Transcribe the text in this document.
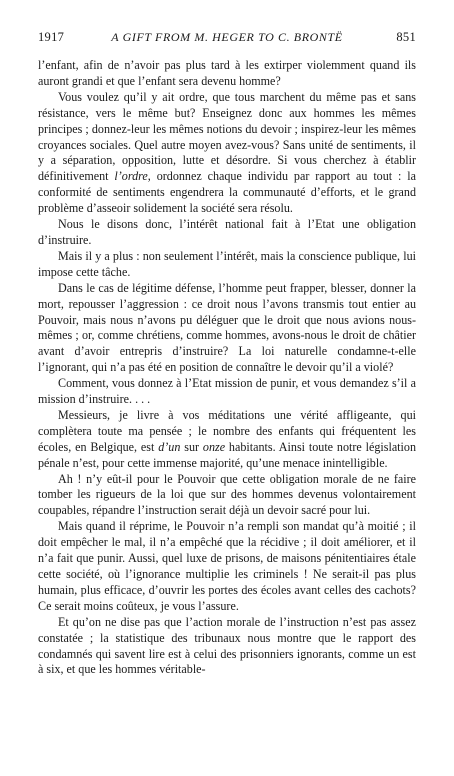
1917	A GIFT FROM M. HEGER TO C. BRONTË	851

l’enfant, afin de n’avoir pas plus tard à les extirper violemment quand ils auront grandi et que l’enfant sera devenu homme?

Vous voulez qu’il y ait ordre, que tous marchent du même pas et sans résistance, vers le même but? Enseignez donc aux hommes les mêmes principes ; donnez-leur les mêmes notions du devoir ; inspirez-leur les mêmes croyances sociales. Quel autre moyen avez-vous? Sans unité de sentiments, il y a séparation, opposition, lutte et désordre. Si vous cherchez à établir définitivement l’ordre, ordonnez chaque individu par rapport au tout : la conformité de sentiments engendrera la communauté d’efforts, et le grand problème d’asseoir solidement la société sera résolu.

Nous le disons donc, l’intérêt national fait à l’Etat une obligation d’instruire.

Mais il y a plus : non seulement l’intérêt, mais la conscience publique, lui impose cette tâche.

Dans le cas de légitime défense, l’homme peut frapper, blesser, donner la mort, repousser l’aggression : ce droit nous l’avons transmis tout entier au Pouvoir, mais nous n’avons pu déléguer que le droit que nous avions nous-mêmes ; or, comme chrétiens, comme hommes, avons-nous le droit de châtier avant d’avoir entrepris d’instruire? La loi naturelle condamne-t-elle l’ignorant, qui n’a pas été en position de connaître le devoir qu’il a violé?

Comment, vous donnez à l’Etat mission de punir, et vous demandez s’il a mission d’instruire. . . .

Messieurs, je livre à vos méditations une vérité affligeante, qui complètera toute ma pensée ; le nombre des enfants qui fréquentent les écoles, en Belgique, est d’un sur onze habitants. Ainsi toute notre législation pénale n’est, pour cette immense majorité, qu’une menace inintelligible.

Ah ! n’y eût-il pour le Pouvoir que cette obligation morale de ne faire tomber les rigueurs de la loi que sur des hommes devenus volontairement coupables, répandre l’instruction serait déjà un devoir sacré pour lui.

Mais quand il réprime, le Pouvoir n’a rempli son mandat qu’à moitié ; il doit empêcher le mal, il n’a empêché que la récidive ; il doit améliorer, et il n’a fait que punir. Aussi, quel luxe de prisons, de maisons pénitentiaires étale cette société, où l’ignorance multiplie les criminels ! Ne serait-il pas plus humain, plus efficace, d’ouvrir les portes des écoles avant celles des cachots? Ce serait moins coûteux, je vous l’assure.

Et qu’on ne dise pas que l’action morale de l’instruction n’est pas assez constatée ; la statistique des tribunaux nous montre que le rapport des condamnés qui savent lire est à celui des prisonniers ignorants, comme un est à six, et que les hommes véritable-
